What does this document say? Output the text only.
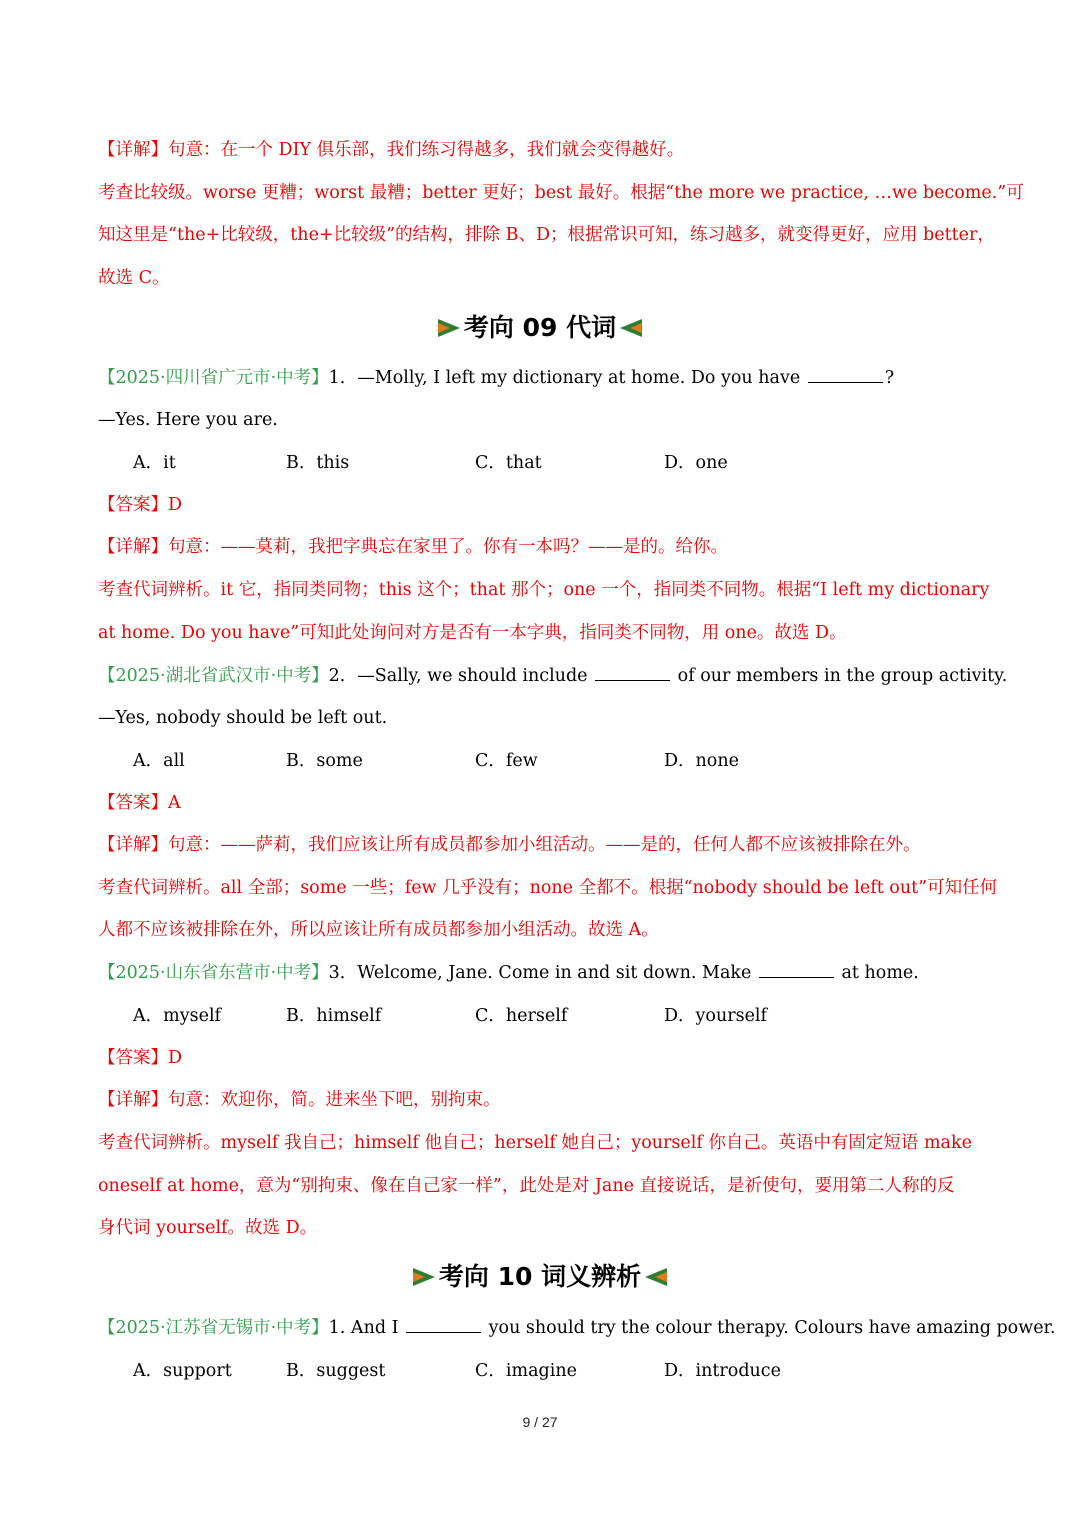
【详解】句意：在一个 DIY 俱乐部，我们练习得越多，我们就会变得越好。
考查比较级。worse 更糟；worst 最糟；better 更好；best 最好。根据“the more we practice, …we become.”可
知这里是“the+比较级，the+比较级”的结构，排除 B、D；根据常识可知，练习越多，就变得更好，应用 better，
故选 C。
考向 09 代词
【2025·四川省广元市·中考】1．—Molly, I left my dictionary at home. Do you have	?
—Yes. Here you are.
A．it	B．this	C．that	D．one
【答案】D
【详解】句意：——莫莉，我把字典忘在家里了。你有一本吗？——是的。给你。
考查代词辨析。it 它，指同类同物；this 这个；that 那个；one 一个，指同类不同物。根据“I left my dictionary
at home. Do you have”可知此处询问对方是否有一本字典，指同类不同物，用 one。故选 D。
【2025·湖北省武汉市·中考】2．—Sally, we should include	of our members in the group activity.
—Yes, nobody should be left out.
A．all	B．some	C．few	D．none
【答案】A
【详解】句意：——萨莉，我们应该让所有成员都参加小组活动。——是的，任何人都不应该被排除在外。
考查代词辨析。all 全部；some 一些；few 几乎没有；none 全都不。根据“nobody should be left out”可知任何
人都不应该被排除在外，所以应该让所有成员都参加小组活动。故选 A。
【2025·山东省东营市·中考】3．Welcome, Jane. Come in and sit down. Make	at home.
A．myself	B．himself	C．herself	D．yourself
【答案】D
【详解】句意：欢迎你，简。进来坐下吧，别拘束。
考查代词辨析。myself 我自己；himself 他自己；herself 她自己；yourself 你自己。英语中有固定短语 make
oneself at home，意为“别拘束、像在自己家一样”，此处是对 Jane 直接说话，是祈使句，要用第二人称的反
身代词 yourself。故选 D。
考向 10 词义辨析
【2025·江苏省无锡市·中考】1. And I	you should try the colour therapy. Colours have amazing power.
A．support	B．suggest	C．imagine	D．introduce
9 / 27
